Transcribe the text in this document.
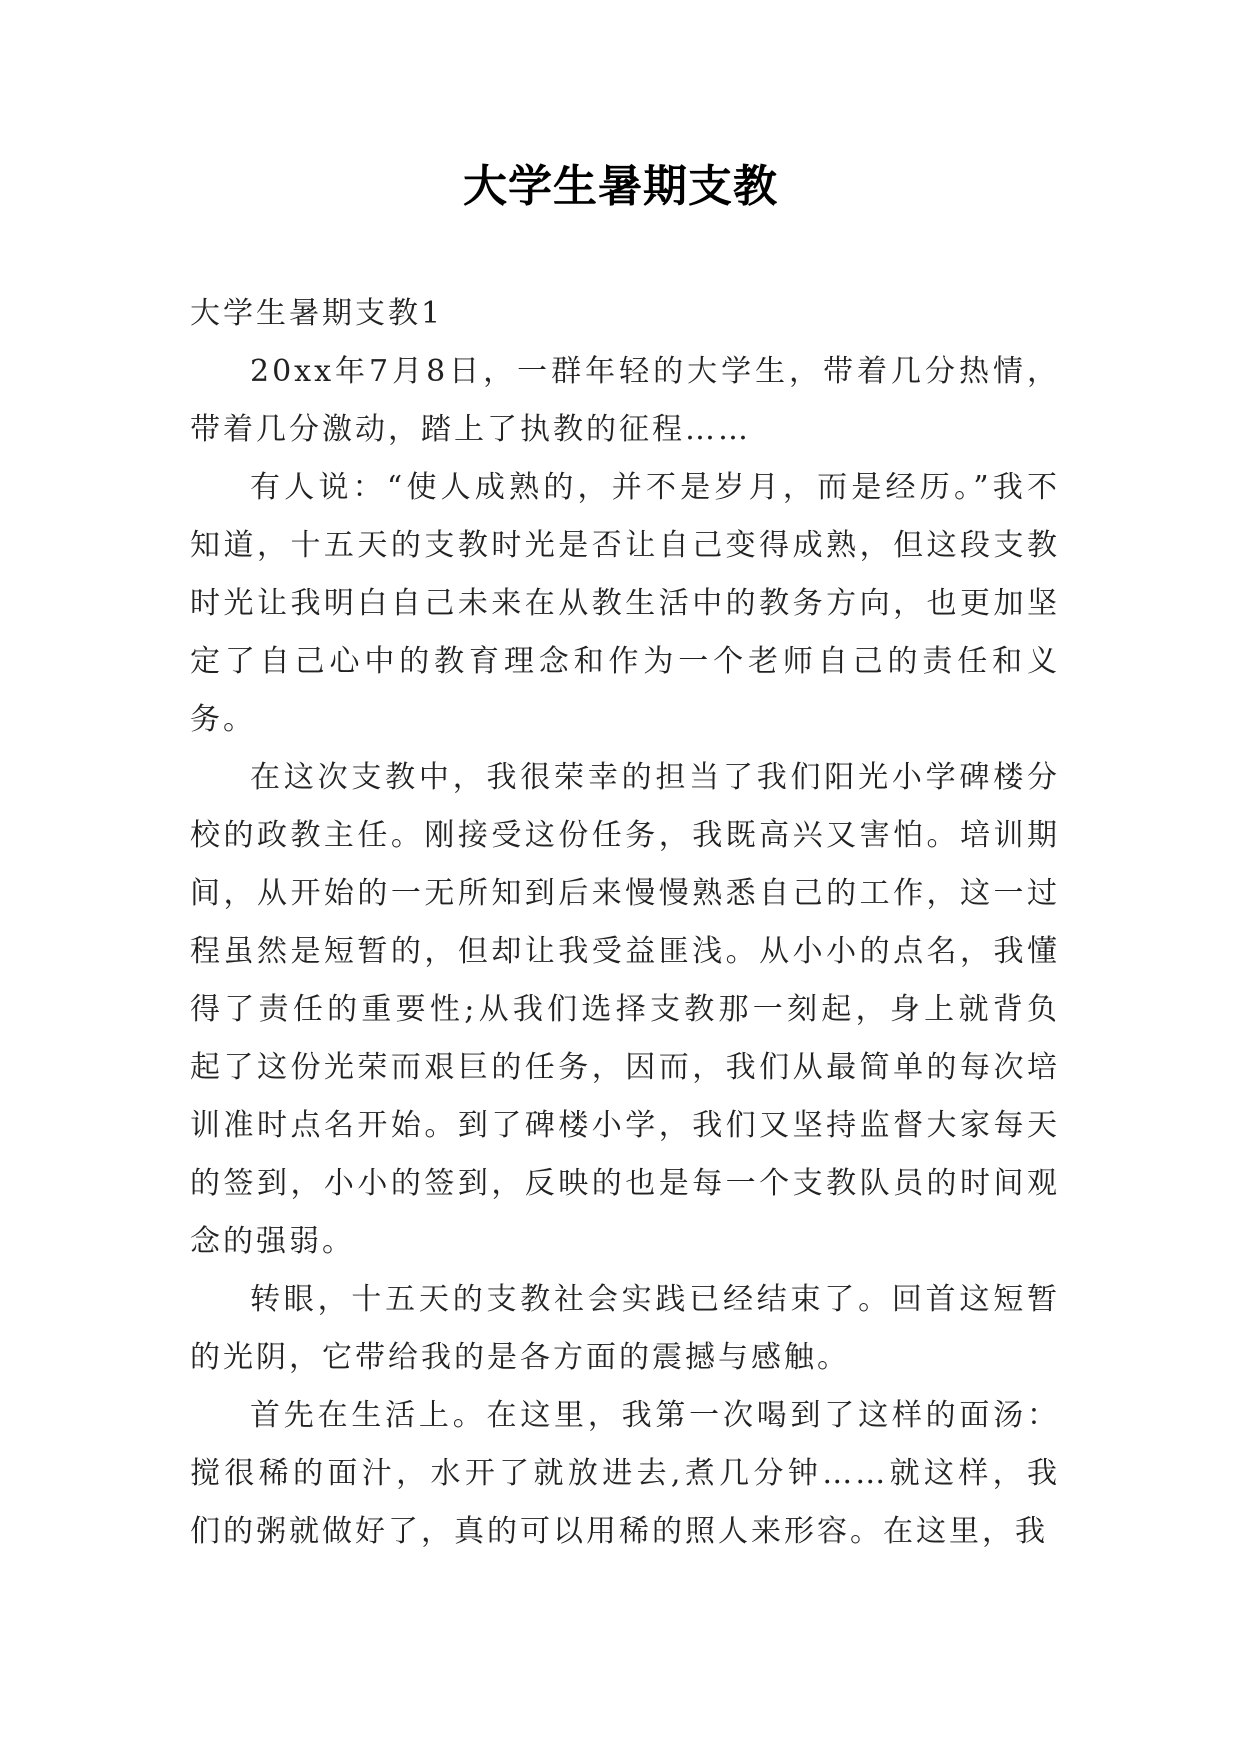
大学生暑期支教

大学生暑期支教1

20xx年7月8日，一群年轻的大学生，带着几分热情，带着几分激动，踏上了执教的征程……

有人说：“使人成熟的，并不是岁月，而是经历。”我不知道，十五天的支教时光是否让自己变得成熟，但这段支教时光让我明白自己未来在从教生活中的教务方向，也更加坚定了自己心中的教育理念和作为一个老师自己的责任和义务。

在这次支教中，我很荣幸的担当了我们阳光小学碑楼分校的政教主任。刚接受这份任务，我既高兴又害怕。培训期间，从开始的一无所知到后来慢慢熟悉自己的工作，这一过程虽然是短暂的，但却让我受益匪浅。从小小的点名，我懂得了责任的重要性;从我们选择支教那一刻起，身上就背负起了这份光荣而艰巨的任务，因而，我们从最简单的每次培训准时点名开始。到了碑楼小学，我们又坚持监督大家每天的签到，小小的签到，反映的也是每一个支教队员的时间观念的强弱。

转眼，十五天的支教社会实践已经结束了。回首这短暂的光阴，它带给我的是各方面的震撼与感触。

首先在生活上。在这里，我第一次喝到了这样的面汤：搅很稀的面汁，水开了就放进去,煮几分钟……就这样，我们的粥就做好了，真的可以用稀的照人来形容。在这里，我
